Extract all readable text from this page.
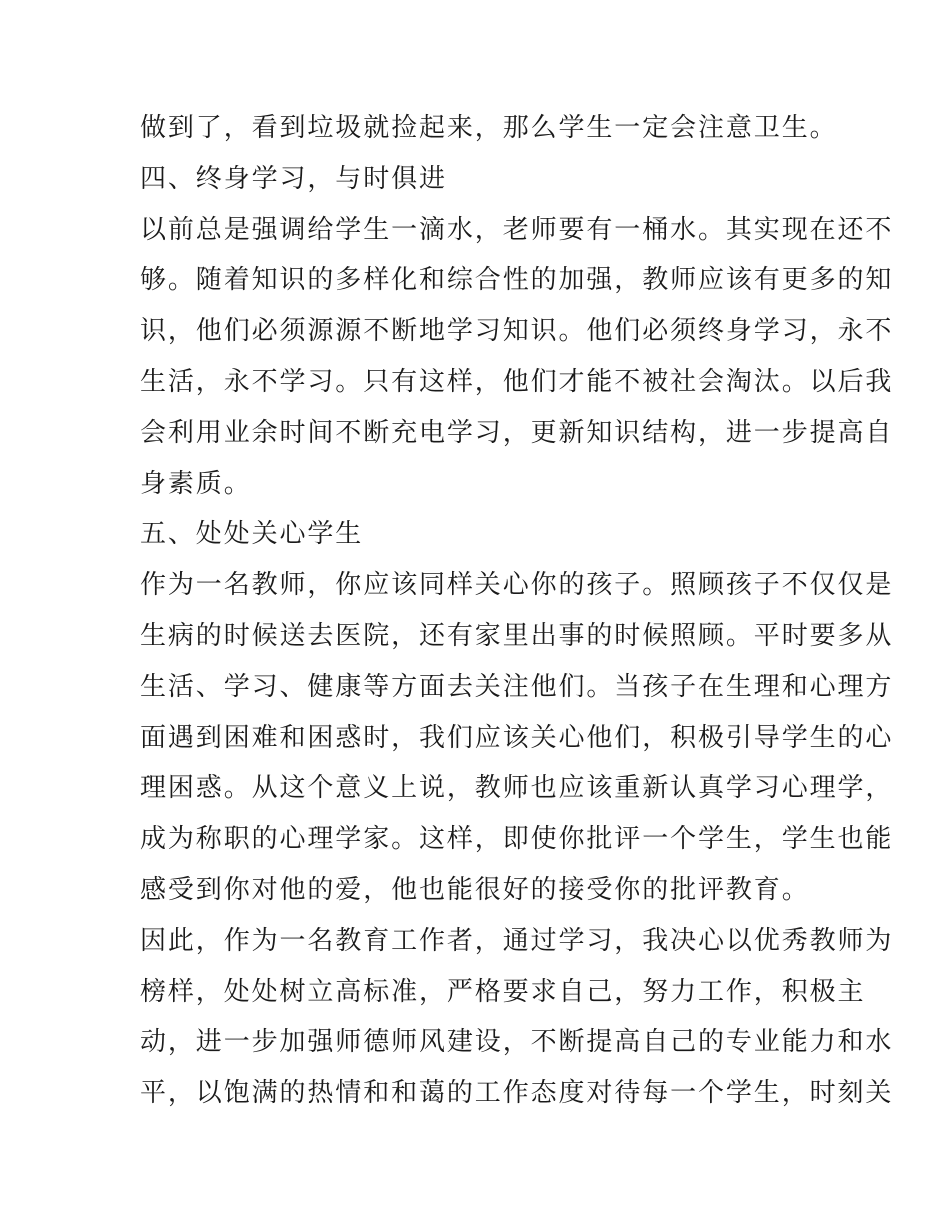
做到了，看到垃圾就捡起来，那么学生一定会注意卫生。
四、终身学习，与时俱进
以前总是强调给学生一滴水，老师要有一桶水。其实现在还不
够。随着知识的多样化和综合性的加强，教师应该有更多的知
识，他们必须源源不断地学习知识。他们必须终身学习，永不
生活，永不学习。只有这样，他们才能不被社会淘汰。以后我
会利用业余时间不断充电学习，更新知识结构，进一步提高自
身素质。
五、处处关心学生
作为一名教师，你应该同样关心你的孩子。照顾孩子不仅仅是
生病的时候送去医院，还有家里出事的时候照顾。平时要多从
生活、学习、健康等方面去关注他们。当孩子在生理和心理方
面遇到困难和困惑时，我们应该关心他们，积极引导学生的心
理困惑。从这个意义上说，教师也应该重新认真学习心理学，
成为称职的心理学家。这样，即使你批评一个学生，学生也能
感受到你对他的爱，他也能很好的接受你的批评教育。
因此，作为一名教育工作者，通过学习，我决心以优秀教师为
榜样，处处树立高标准，严格要求自己，努力工作，积极主
动，进一步加强师德师风建设，不断提高自己的专业能力和水
平，以饱满的热情和和蔼的工作态度对待每一个学生，时刻关
